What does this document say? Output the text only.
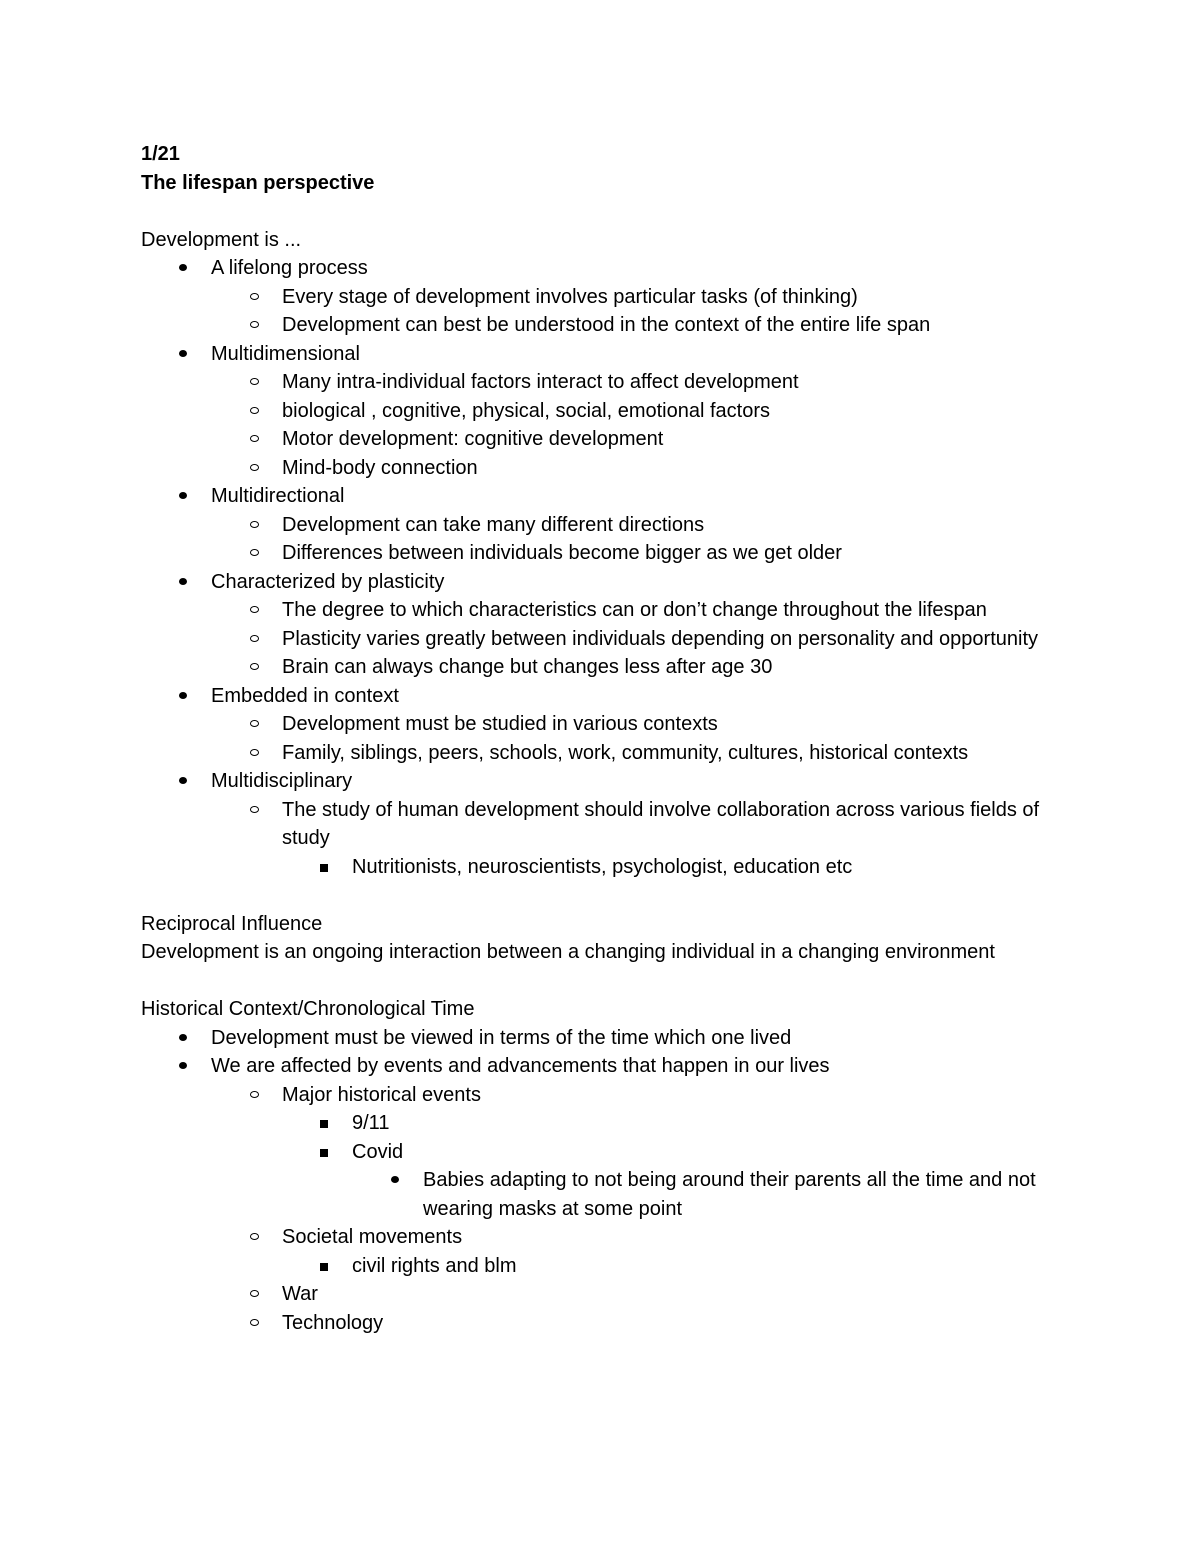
1/21
The lifespan perspective
Development is ...
A lifelong process
Every stage of development involves particular tasks (of thinking)
Development can best be understood in the context of the entire life span
Multidimensional
Many intra-individual factors interact to affect development
biological , cognitive, physical, social, emotional factors
Motor development: cognitive development
Mind-body connection
Multidirectional
Development can take many different directions
Differences between individuals become bigger as we get older
Characterized by plasticity
The degree to which characteristics can or don’t change throughout the lifespan
Plasticity varies greatly between individuals depending on personality and opportunity
Brain can always change but changes less after age 30
Embedded in context
Development must be studied in various contexts
Family, siblings, peers, schools, work, community, cultures, historical contexts
Multidisciplinary
The study of human development should involve collaboration across various fields of study
Nutritionists, neuroscientists, psychologist, education etc
Reciprocal Influence
Development is an ongoing interaction between a changing individual in a changing environment
Historical Context/Chronological Time
Development must be viewed in terms of the time which one lived
We are affected by events and advancements that happen in our lives
Major historical events
9/11
Covid
Babies adapting to not being around their parents all the time and not wearing masks at some point
Societal movements
civil rights and blm
War
Technology
